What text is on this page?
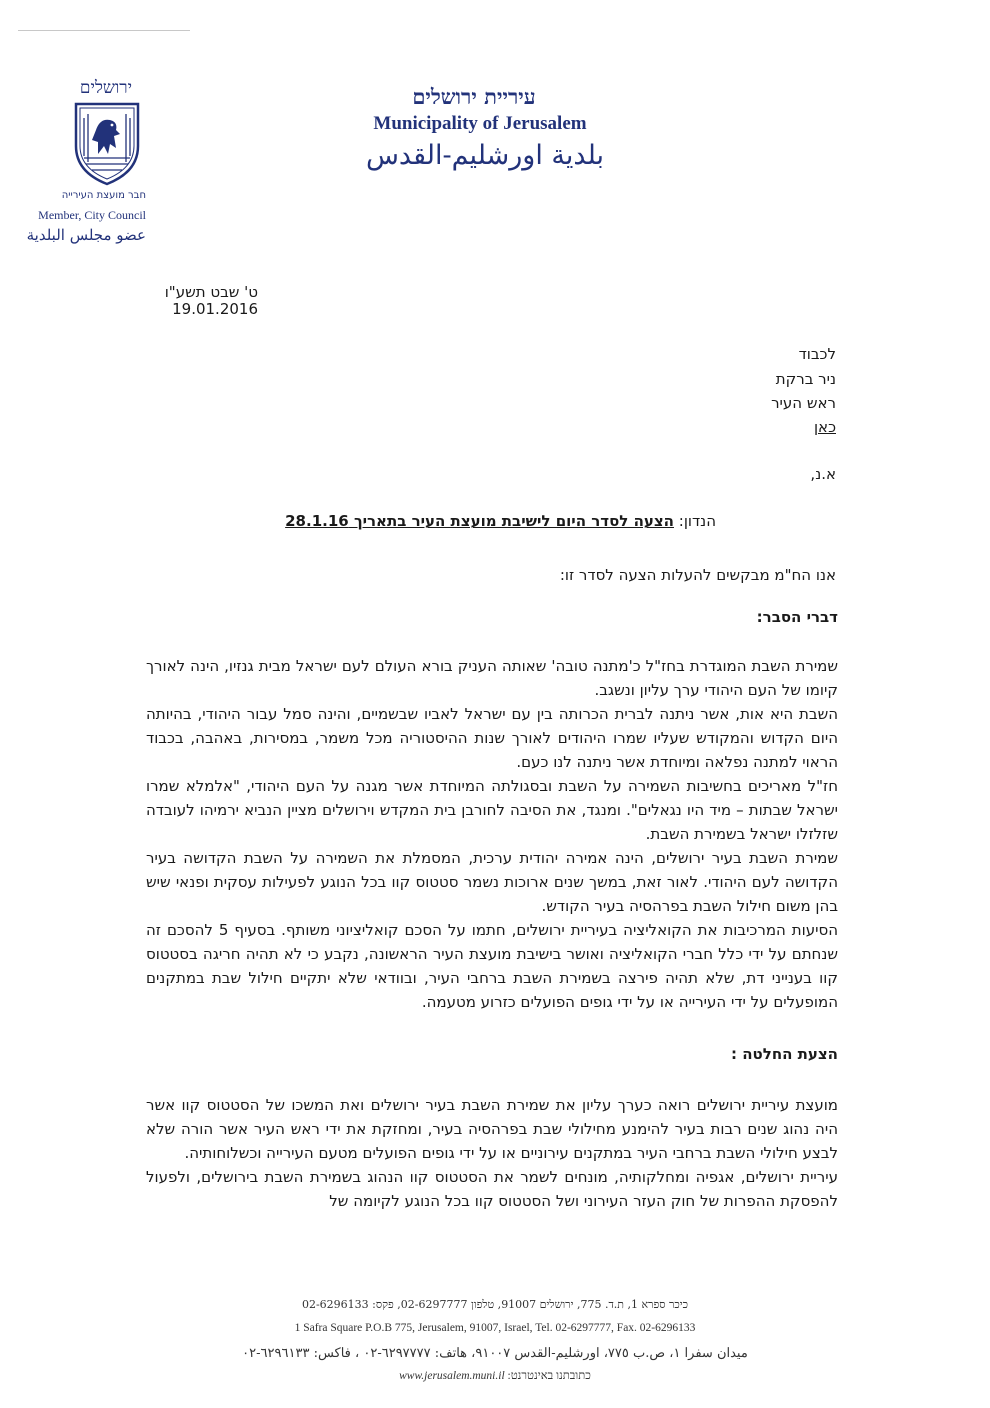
ירושלים
חבר מועצת העירייה
Member, City Council
عضو مجلس البلدية
עיריית ירושלים
Municipality of Jerusalem
بلدية اورشليم-القدس
ט' שבט תשע"ו
19.01.2016
לכבוד
ניר ברקת
ראש העיר
כאן
א.נ,
הנדון: הצעה לסדר היום לישיבת מועצת העיר בתאריך 28.1.16
אנו הח"מ מבקשים להעלות הצעה לסדר זו:
דברי הסבר:

שמירת השבת המוגדרת בחז"ל כ'מתנה טובה' שאותה העניק בורא העולם לעם ישראל מבית גנזיו, הינה לאורך קיומו של העם היהודי ערך עליון ונשגב.

השבת היא אות, אשר ניתנה לברית הכרותה בין עם ישראל לאביו שבשמיים, והינה סמל עבור היהודי, בהיותה היום הקדוש והמקודש שעליו שמרו היהודים לאורך שנות ההיסטוריה מכל משמר, במסירות, באהבה, בכבוד הראוי למתנה נפלאה ומיוחדת אשר ניתנה לנו כעם.

חז"ל מאריכים בחשיבות השמירה על השבת ובסגולתה המיוחדת אשר מגנה על העם היהודי, "אלמלא שמרו ישראל שבתות – מיד היו נגאלים". ומנגד, את הסיבה לחורבן בית המקדש וירושלים מציין הנביא ירמיהו לעובדה שזלזלו ישראל בשמירת השבת.

שמירת השבת בעיר ירושלים, הינה אמירה יהודית ערכית, המסמלת את השמירה על השבת הקדושה בעיר הקדושה לעם היהודי. לאור זאת, במשך שנים ארוכות נשמר סטטוס קוו בכל הנוגע לפעילות עסקית ופנאי שיש בהן משום חילול השבת בפרהסיה בעיר הקודש.

הסיעות המרכיבות את הקואליציה בעיריית ירושלים, חתמו על הסכם קואליציוני משותף. בסעיף 5 להסכם זה שנחתם על ידי כלל חברי הקואליציה ואושר בישיבת מועצת העיר הראשונה, נקבע כי לא תהיה חריגה בסטטוס קוו בענייני דת, שלא תהיה פירצה בשמירת השבת ברחבי העיר, ובוודאי שלא יתקיים חילול שבת במתקנים המופעלים על ידי העירייה או על ידי גופים הפועלים כזרוע מטעמה.

הצעת החלטה :

מועצת עיריית ירושלים רואה כערך עליון את שמירת השבת בעיר ירושלים ואת המשכו של הסטטוס קוו אשר היה נהוג שנים רבות בעיר להימנע מחילולי שבת בפרהסיה בעיר, ומחזקת את ידי ראש העיר אשר הורה שלא לבצע חילולי השבת ברחבי העיר במתקנים עירוניים או על ידי גופים הפועלים מטעם העירייה וכשלוחותיה.

עיריית ירושלים, אגפיה ומחלקותיה, מונחים לשמר את הסטטוס קוו הנהוג בשמירת השבת בירושלים, ולפעול להפסקת ההפרות של חוק העזר העירוני ושל הסטטוס קוו בכל הנוגע לקיומה של

כיכר ספרא 1, ת.ד. 775, ירושלים 91007, טלפון 02-6297777, פקס: 02-6296133
1 Safra Square P.O.B 775, Jerusalem, 91007, Israel, Tel. 02-6297777, Fax. 02-6296133
ميدان سفرا ١، ص.ب ٧٧٥، اورشليم-القدس ٩١٠٠٧، هاتف: ٦٢٩٧٧٧٧-٠٢ ، فاكس: ٦٢٩٦١٣٣-٠٢
www.jerusalem.muni.il כתובתנו באינטרנט:
